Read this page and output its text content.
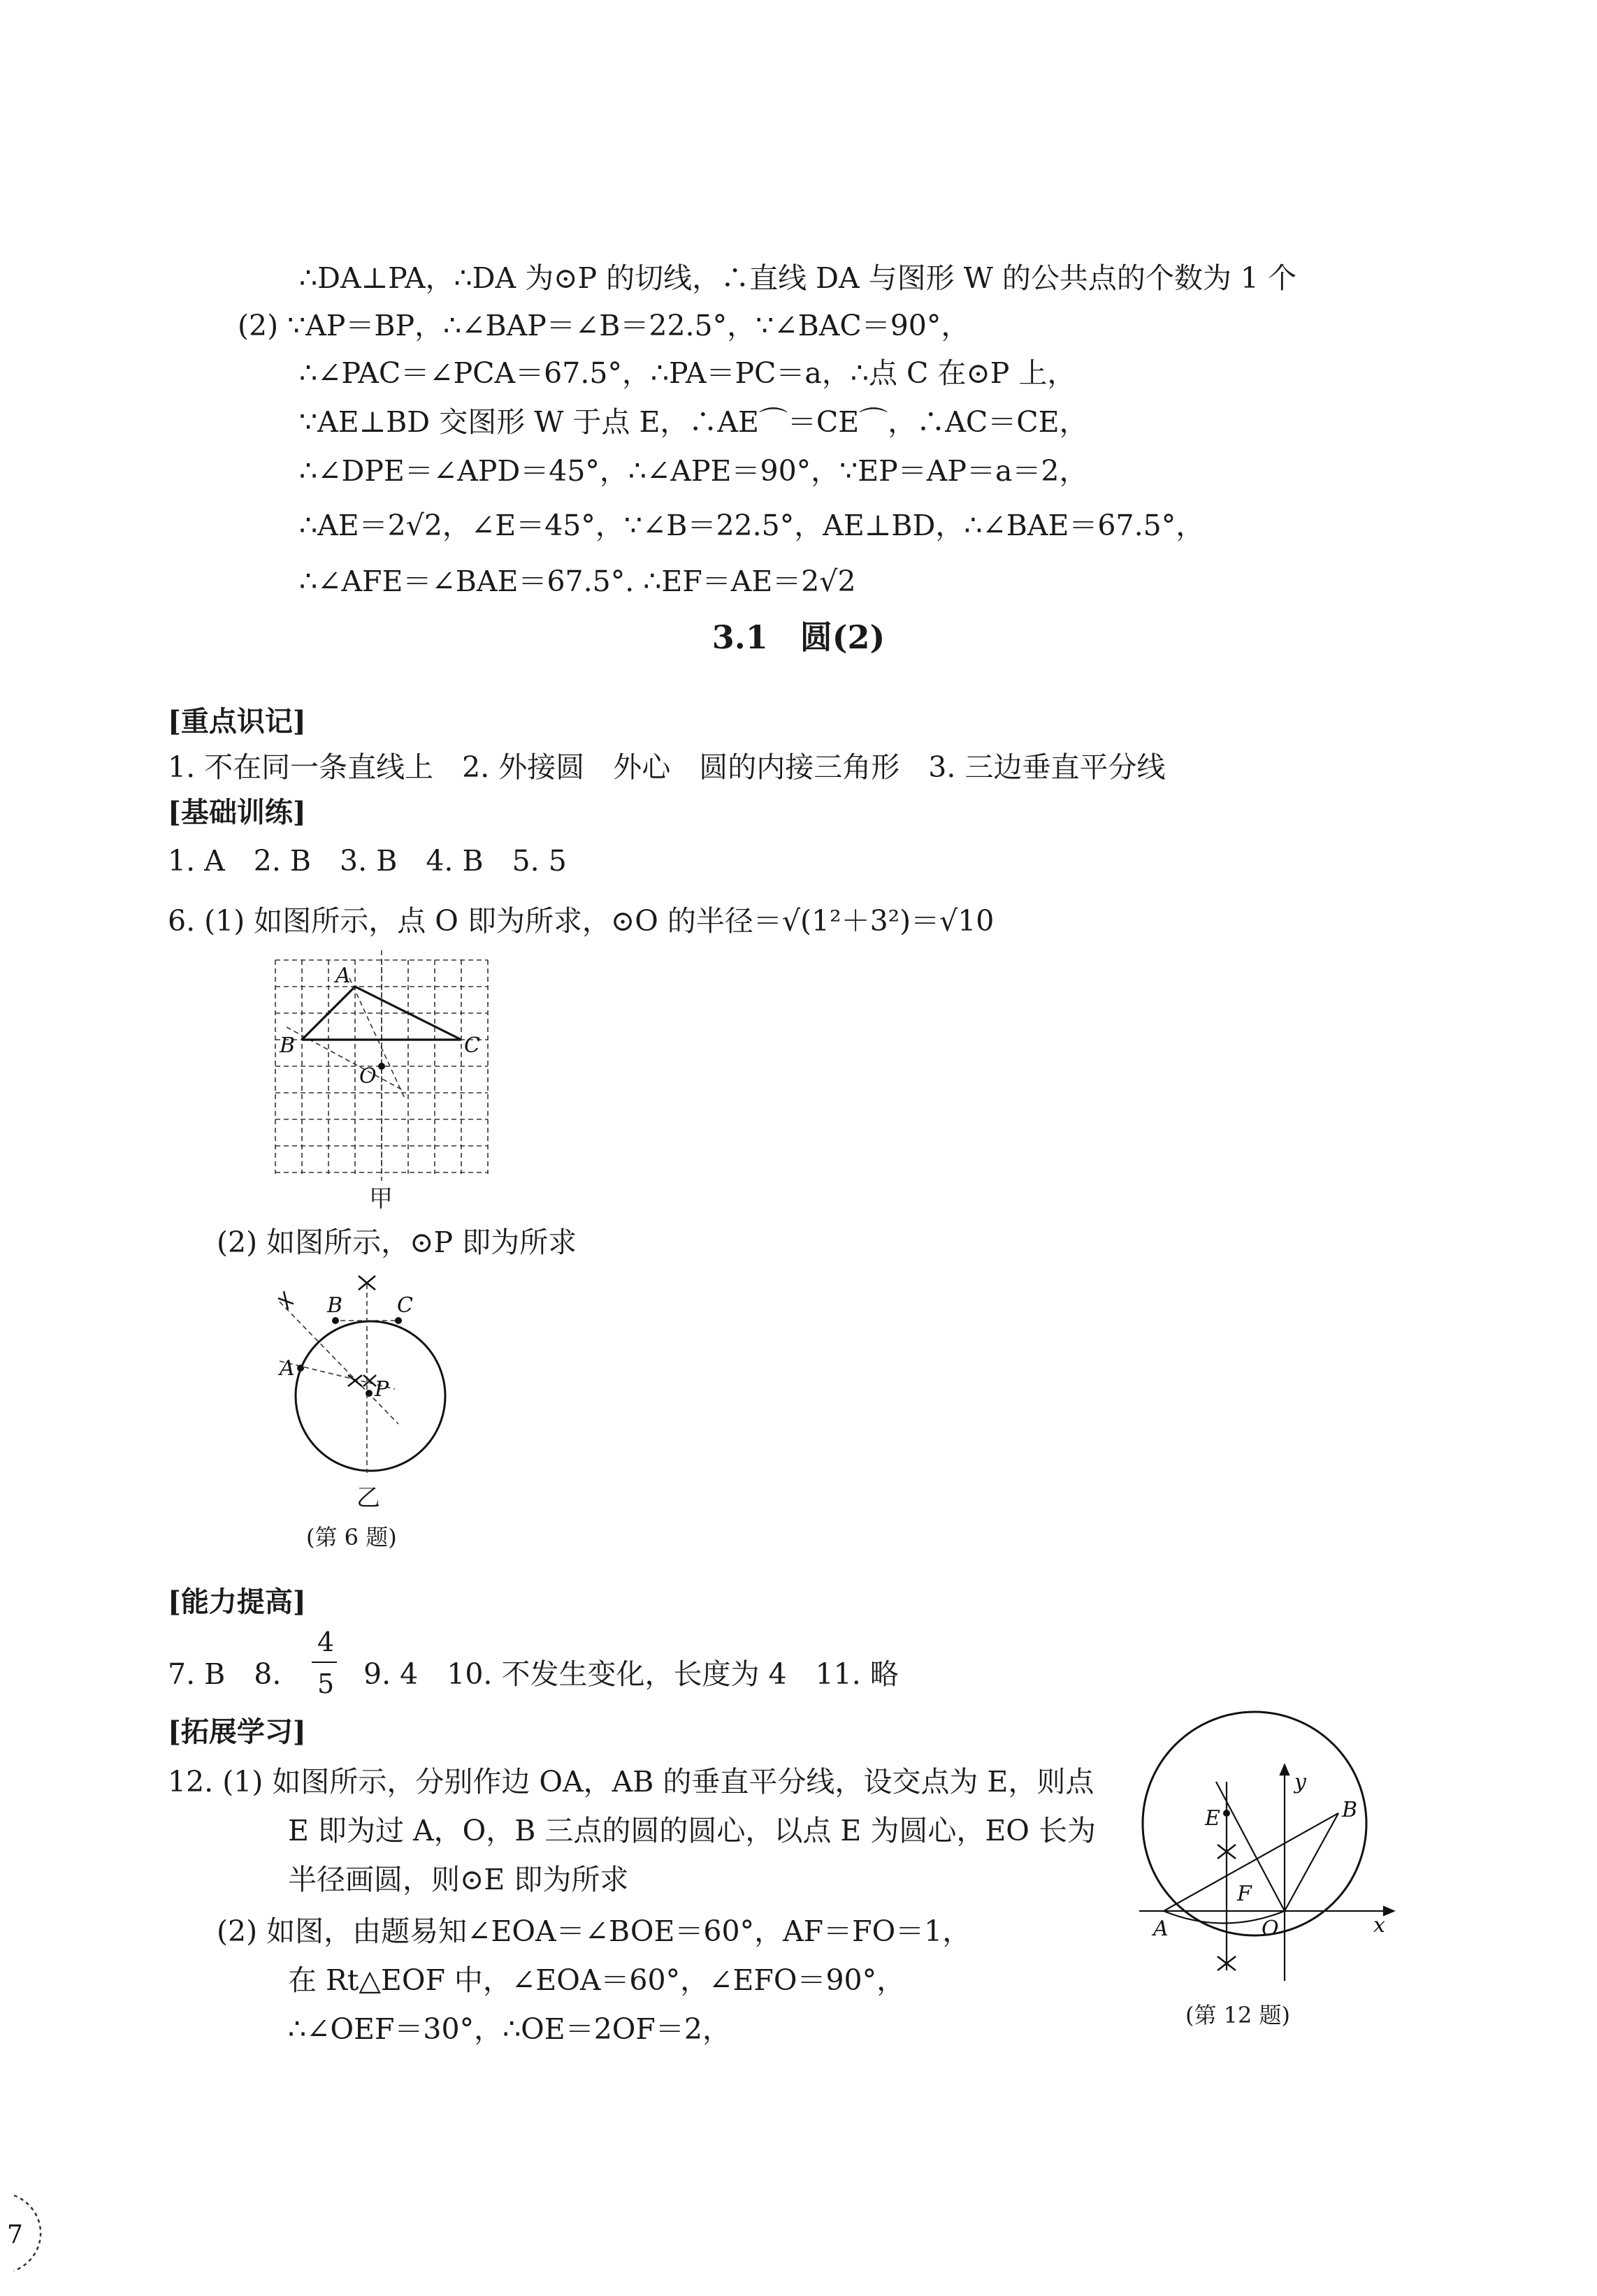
∴DA⊥PA，∴DA 为⊙P 的切线，∴直线 DA 与图形 W 的公共点的个数为 1 个
(2) ∵AP＝BP，∴∠BAP＝∠B＝22.5°，∵∠BAC＝90°，
∴∠PAC＝∠PCA＝67.5°，∴PA＝PC＝a，∴点 C 在⊙P 上，
∵AE⊥BD 交图形 W 于点 E，∴AE⌒＝CE⌒，∴AC＝CE，
∴∠DPE＝∠APD＝45°，∴∠APE＝90°，∵EP＝AP＝a＝2，
∴AE＝2√2，∠E＝45°，∵∠B＝22.5°，AE⊥BD，∴∠BAE＝67.5°，
∴∠AFE＝∠BAE＝67.5°. ∴EF＝AE＝2√2
3.1　圆(2)
[重点识记]
1. 不在同一条直线上　2. 外接圆　外心　圆的内接三角形　3. 三边垂直平分线
[基础训练]
1. A　2. B　3. B　4. B　5. 5
6. (1) 如图所示，点 O 即为所求，⊙O 的半径＝√(1²＋3²)＝√10
A
B	C
O
甲
(2) 如图所示，⊙P 即为所求
B	C
A
P
乙
(第 6 题)
[能力提高]
7. B　8.
4
5 9. 4　10. 不发生变化，长度为 4　11. 略
[拓展学习]
12. (1) 如图所示，分别作边 OA，AB 的垂直平分线，设交点为 E，则点
E 即为过 A，O，B 三点的圆的圆心，以点 E 为圆心，EO 长为
半径画圆，则⊙E 即为所求
(2) 如图，由题易知∠EOA＝∠BOE＝60°，AF＝FO＝1，
在 Rt△EOF 中，∠EOA＝60°，∠EFO＝90°，
∴∠OEF＝30°，∴OE＝2OF＝2，
E
F
A	O
B
x
y
(第 12 题)
7
